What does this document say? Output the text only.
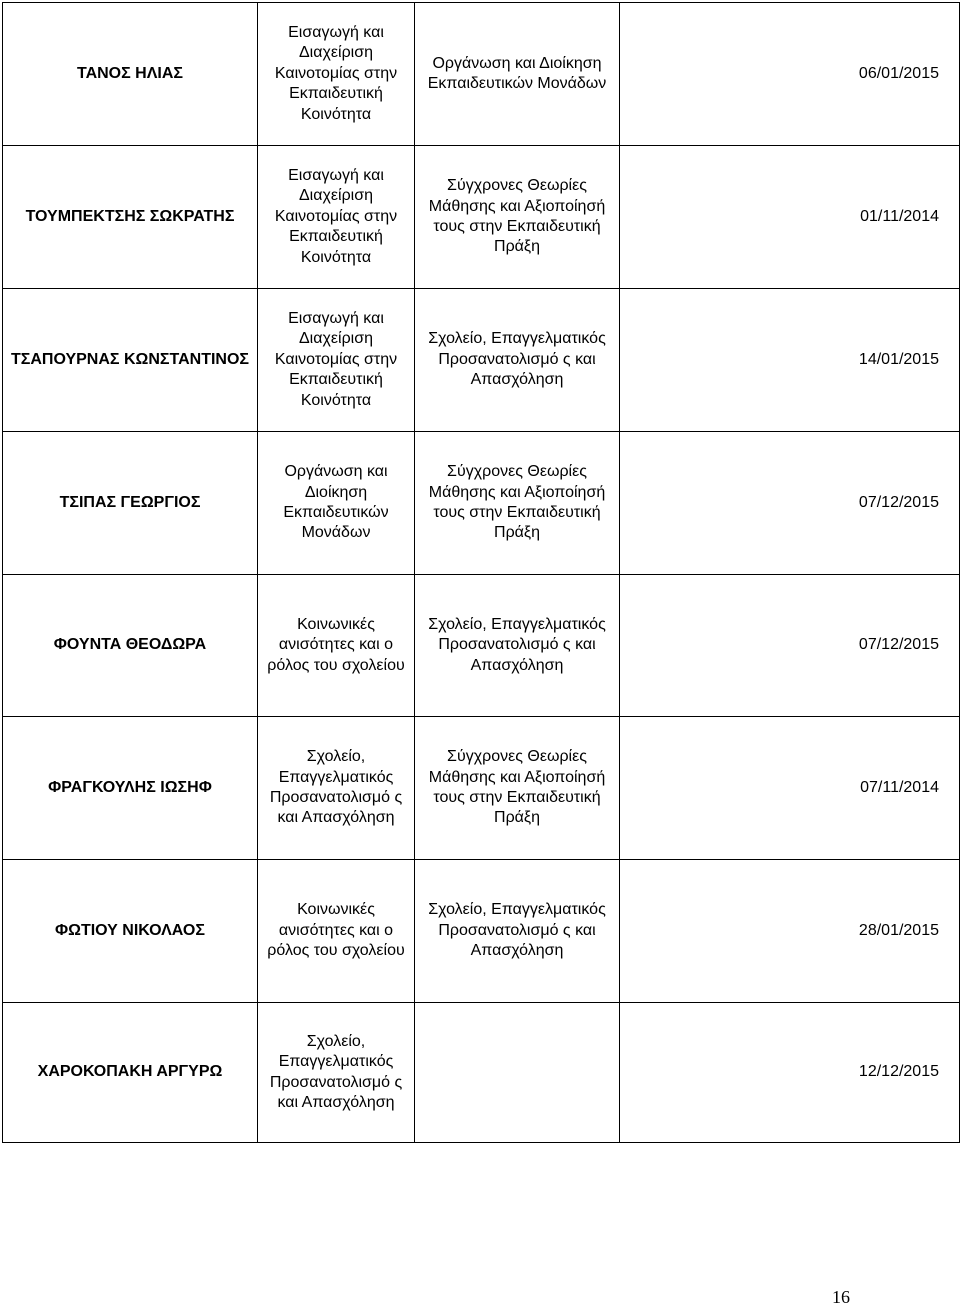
ΤΑΝΟΣ ΗΛΙΑΣ	Εισαγωγή και Διαχείριση Καινοτομίας στην Εκπαιδευτική Κοινότητα	Οργάνωση και Διοίκηση Εκπαιδευτικών Μονάδων	06/01/2015
ΤΟΥΜΠΕΚΤΣΗΣ ΣΩΚΡΑΤΗΣ	Εισαγωγή και Διαχείριση Καινοτομίας στην Εκπαιδευτική Κοινότητα	Σύγχρονες Θεωρίες Μάθησης και Αξιοποίησή τους στην Εκπαιδευτική Πράξη	01/11/2014
ΤΣΑΠΟΥΡΝΑΣ ΚΩΝΣΤΑΝΤΙΝΟΣ	Εισαγωγή και Διαχείριση Καινοτομίας στην Εκπαιδευτική Κοινότητα	Σχολείο, Επαγγελματικός Προσανατολισμό ς και Απασχόληση	14/01/2015
ΤΣΙΠΑΣ ΓΕΩΡΓΙΟΣ	Οργάνωση και Διοίκηση Εκπαιδευτικών Μονάδων	Σύγχρονες Θεωρίες Μάθησης και Αξιοποίησή τους στην Εκπαιδευτική Πράξη	07/12/2015
ΦΟΥΝΤΑ ΘΕΟΔΩΡΑ	Κοινωνικές ανισότητες και ο ρόλος του σχολείου	Σχολείο, Επαγγελματικός Προσανατολισμό ς και Απασχόληση	07/12/2015
ΦΡΑΓΚΟΥΛΗΣ ΙΩΣΗΦ	Σχολείο, Επαγγελματικός Προσανατολισμό ς και Απασχόληση	Σύγχρονες Θεωρίες Μάθησης και Αξιοποίησή τους στην Εκπαιδευτική Πράξη	07/11/2014
ΦΩΤΙΟΥ ΝΙΚΟΛΑΟΣ	Κοινωνικές ανισότητες και ο ρόλος του σχολείου	Σχολείο, Επαγγελματικός Προσανατολισμό ς και Απασχόληση	28/01/2015
ΧΑΡΟΚΟΠΑΚΗ ΑΡΓΥΡΩ	Σχολείο, Επαγγελματικός Προσανατολισμό ς και Απασχόληση		12/12/2015
16
